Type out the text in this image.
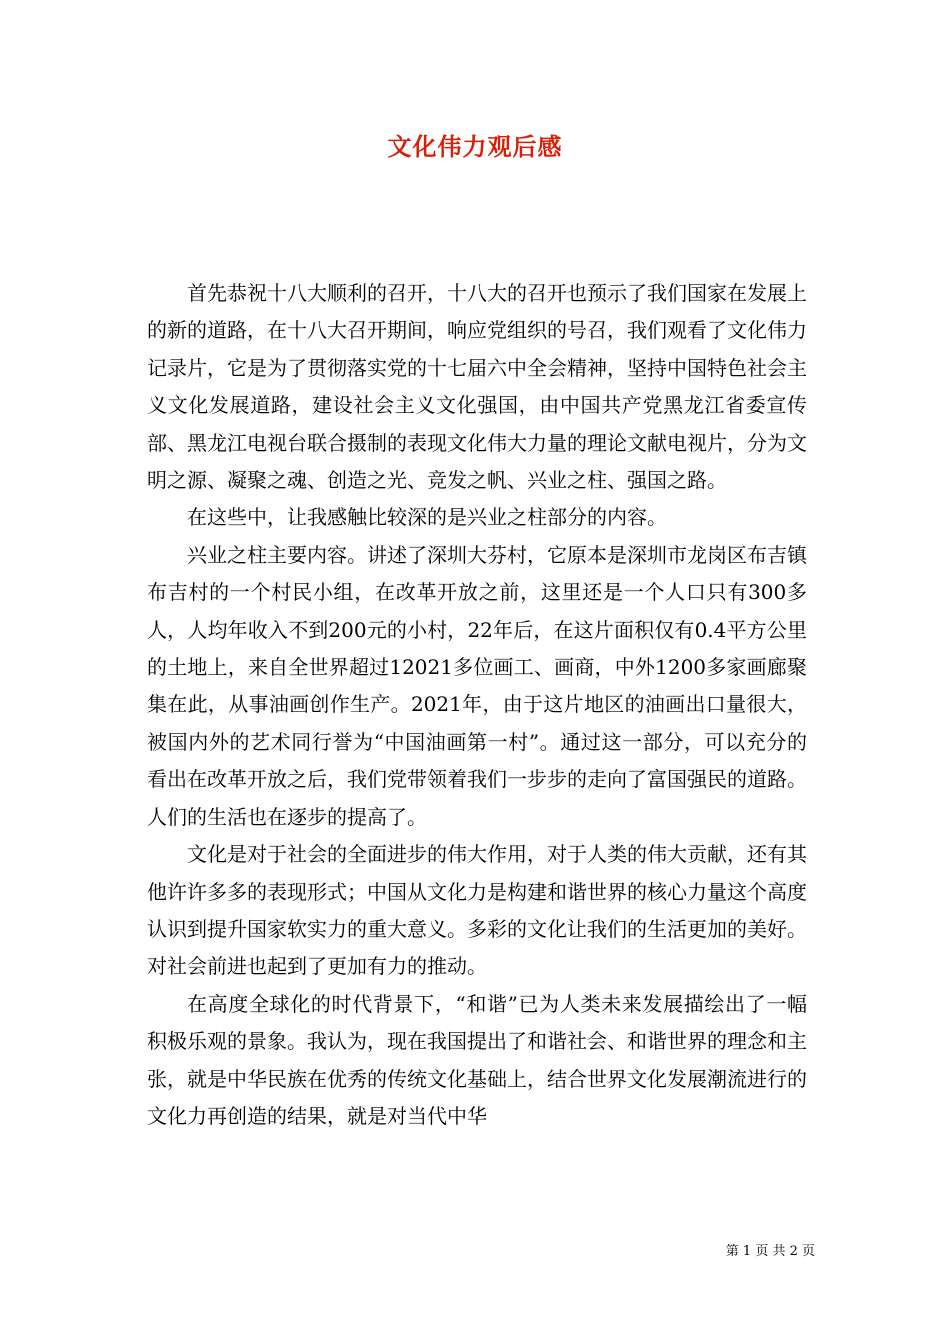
文化伟力观后感

首先恭祝十八大顺利的召开，十八大的召开也预示了我们国家在发展上的新的道路，在十八大召开期间，响应党组织的号召，我们观看了文化伟力记录片，它是为了贯彻落实党的十七届六中全会精神，坚持中国特色社会主义文化发展道路，建设社会主义文化强国，由中国共产党黑龙江省委宣传部、黑龙江电视台联合摄制的表现文化伟大力量的理论文献电视片，分为文明之源、凝聚之魂、创造之光、竞发之帆、兴业之柱、强国之路。

在这些中，让我感触比较深的是兴业之柱部分的内容。

兴业之柱主要内容。讲述了深圳大芬村，它原本是深圳市龙岗区布吉镇布吉村的一个村民小组，在改革开放之前，这里还是一个人口只有300多人，人均年收入不到200元的小村，22年后，在这片面积仅有0.4平方公里的土地上，来自全世界超过12021多位画工、画商，中外1200多家画廊聚集在此，从事油画创作生产。2021年，由于这片地区的油画出口量很大，被国内外的艺术同行誉为“中国油画第一村”。通过这一部分，可以充分的看出在改革开放之后，我们党带领着我们一步步的走向了富国强民的道路。人们的生活也在逐步的提高了。

文化是对于社会的全面进步的伟大作用，对于人类的伟大贡献，还有其他许许多多的表现形式；中国从文化力是构建和谐世界的核心力量这个高度认识到提升国家软实力的重大意义。多彩的文化让我们的生活更加的美好。对社会前进也起到了更加有力的推动。

在高度全球化的时代背景下，“和谐”已为人类未来发展描绘出了一幅积极乐观的景象。我认为，现在我国提出了和谐社会、和谐世界的理念和主张，就是中华民族在优秀的传统文化基础上，结合世界文化发展潮流进行的文化力再创造的结果，就是对当代中华

第 1 页 共 2 页
